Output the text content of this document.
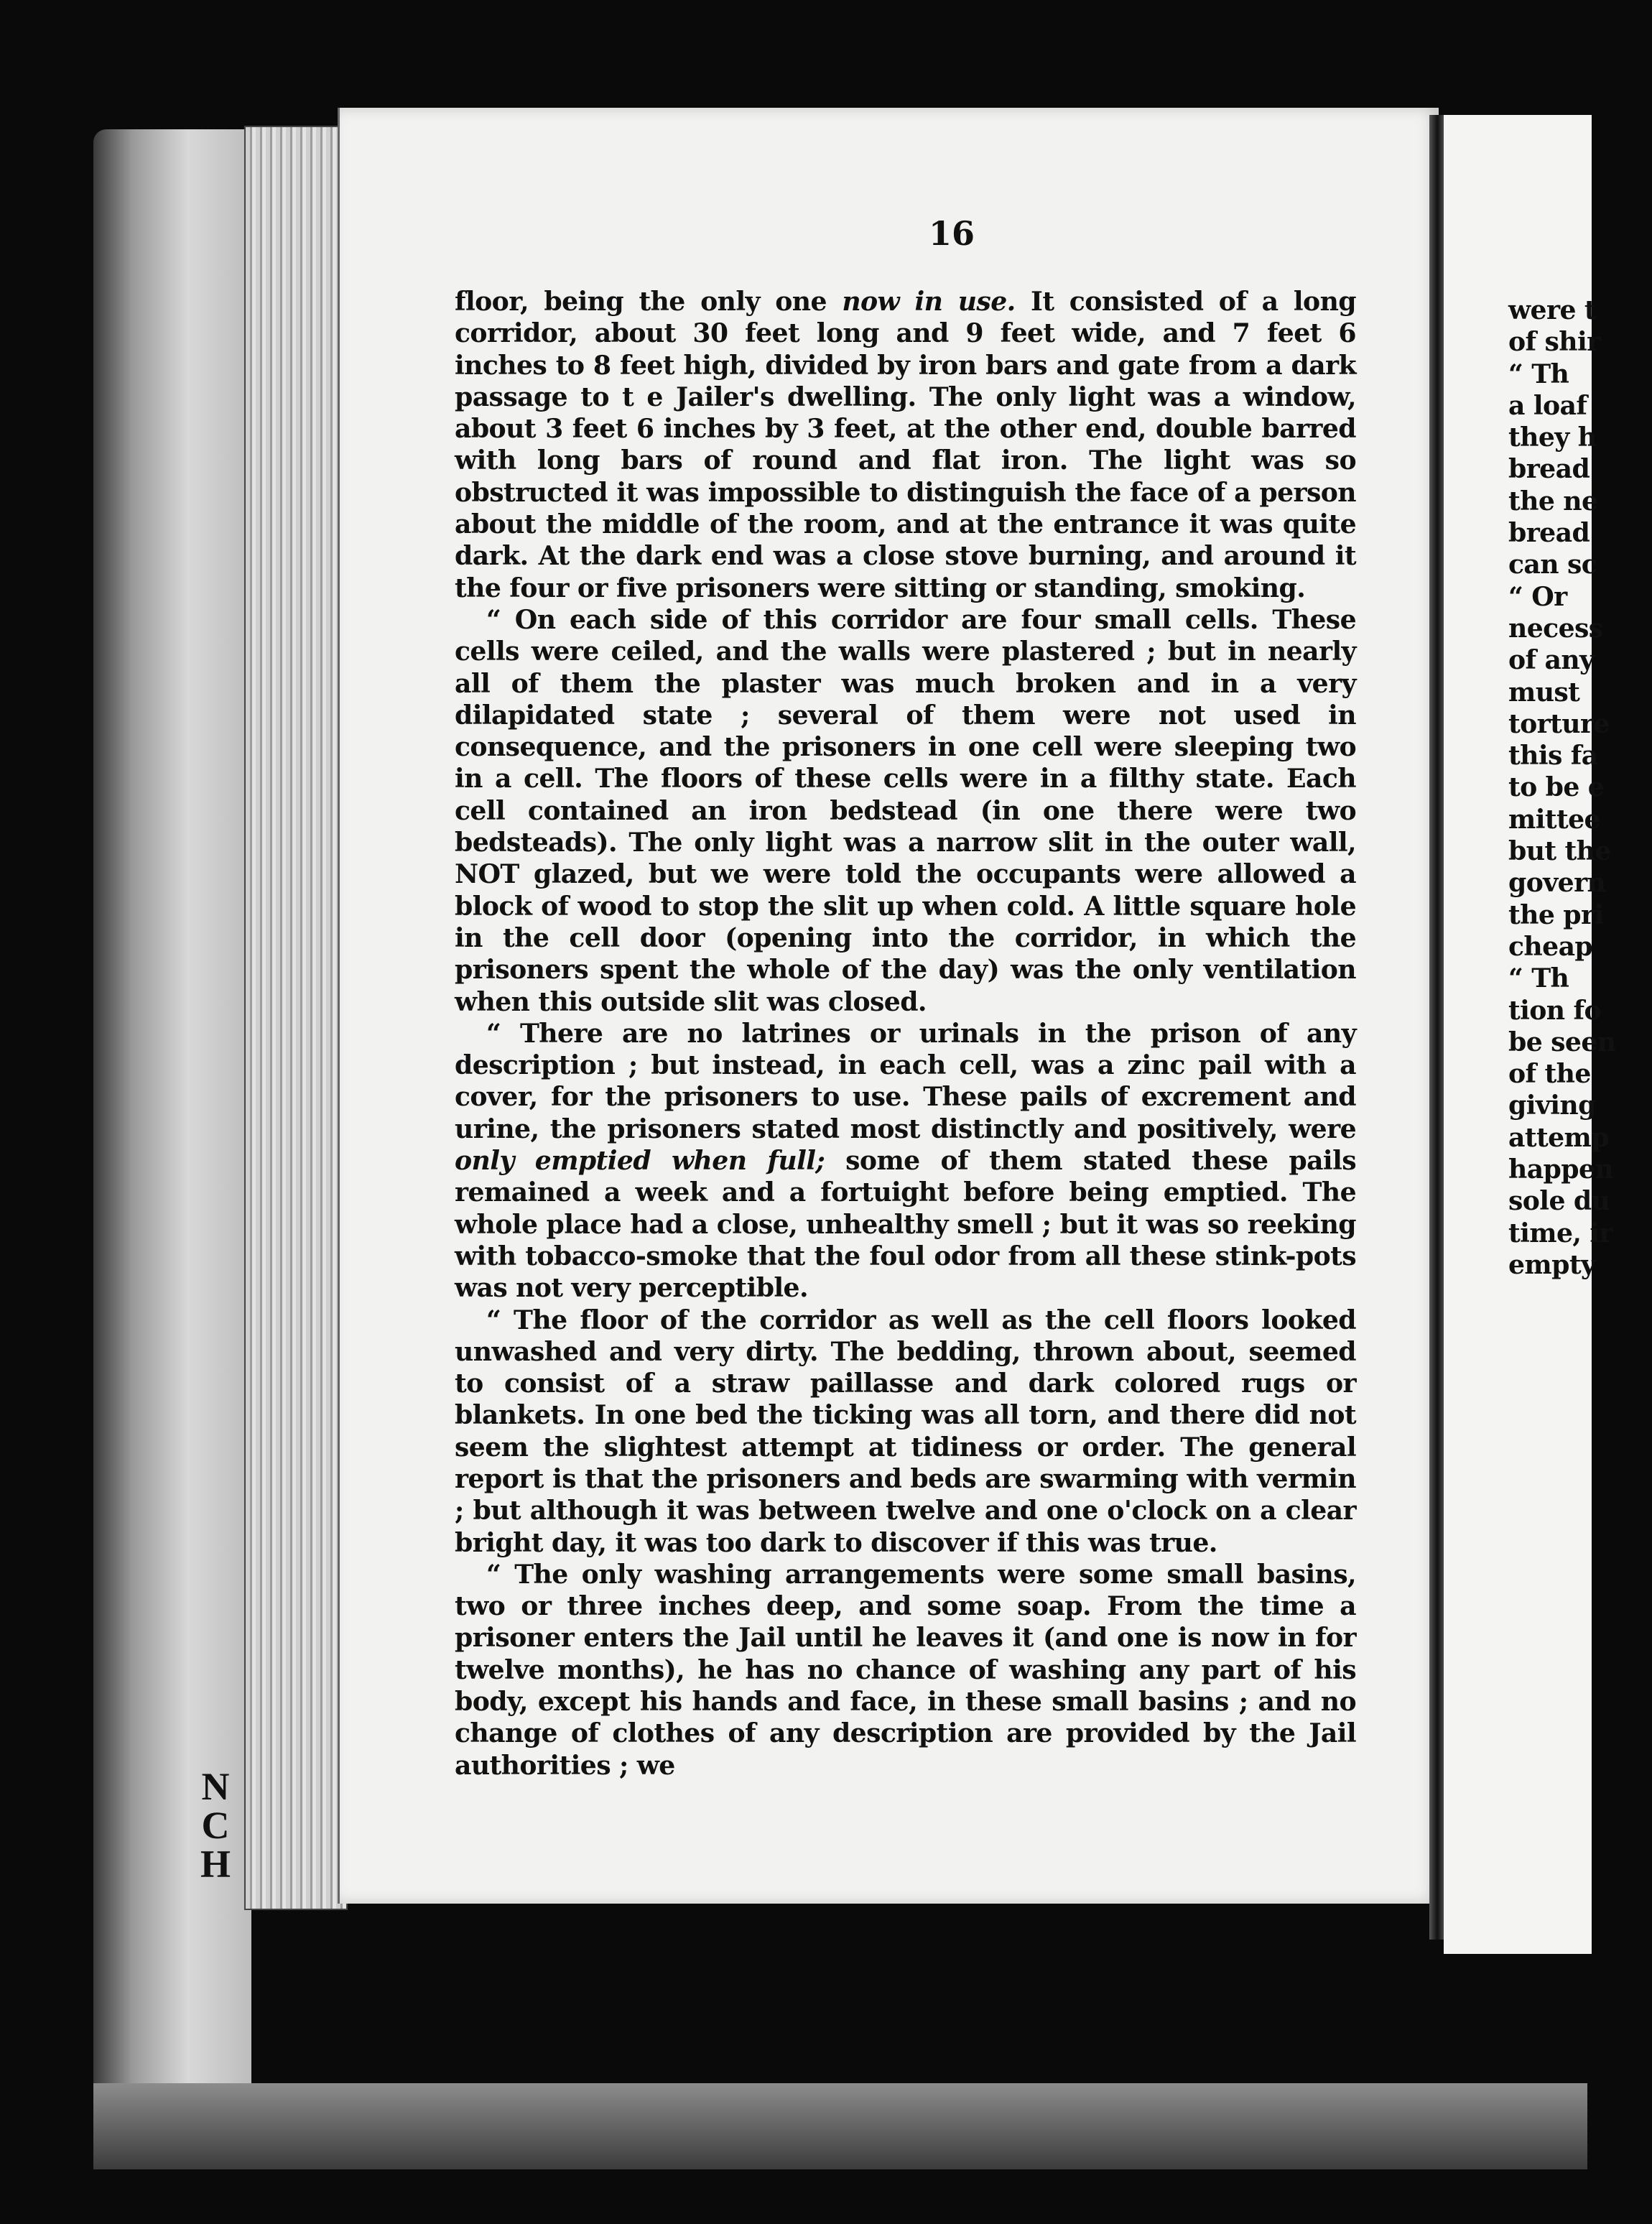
N
C
H
16

floor, being the only one now in use. It consisted of a long corridor, about 30 feet long and 9 feet wide, and 7 feet 6 inches to 8 feet high, divided by iron bars and gate from a dark passage to t e Jailer's dwelling. The only light was a window, about 3 feet 6 inches by 3 feet, at the other end, double barred with long bars of round and flat iron. The light was so obstructed it was impossible to distinguish the face of a person about the middle of the room, and at the entrance it was quite dark. At the dark end was a close stove burning, and around it the four or five prisoners were sitting or standing, smoking.

“ On each side of this corridor are four small cells. These cells were ceiled, and the walls were plastered ; but in nearly all of them the plaster was much broken and in a very dilapidated state ; several of them were not used in consequence, and the prisoners in one cell were sleeping two in a cell. The floors of these cells were in a filthy state. Each cell contained an iron bedstead (in one there were two bedsteads). The only light was a narrow slit in the outer wall, NOT glazed, but we were told the occupants were allowed a block of wood to stop the slit up when cold. A little square hole in the cell door (opening into the corridor, in which the prisoners spent the whole of the day) was the only ventilation when this outside slit was closed.

“ There are no latrines or urinals in the prison of any description ; but instead, in each cell, was a zinc pail with a cover, for the prisoners to use. These pails of excrement and urine, the prisoners stated most distinctly and positively, were only emptied when full; some of them stated these pails remained a week and a fortuight before being emptied. The whole place had a close, unhealthy smell ; but it was so reeking with tobacco-smoke that the foul odor from all these stink-pots was not very perceptible.

“ The floor of the corridor as well as the cell floors looked unwashed and very dirty. The bedding, thrown about, seemed to consist of a straw paillasse and dark colored rugs or blankets. In one bed the ticking was all torn, and there did not seem the slightest attempt at tidiness or order. The general report is that the prisoners and beds are swarming with vermin ; but although it was between twelve and one o'clock on a clear bright day, it was too dark to discover if this was true.

“ The only washing arrangements were some small basins, two or three inches deep, and some soap. From the time a prisoner enters the Jail until he leaves it (and one is now in for twelve months), he has no chance of washing any part of his body, except his hands and face, in these small basins ; and no change of clothes of any description are provided by the Jail authorities ; we

were t
of shir
“ Th
a loaf
they h
bread
the ne
bread
can sc
“ Or
necess
of any
must
torture
this fa
to be e
mittee
but the
govern
the pri
cheap
“ Th
tion fo
be seen
of the
giving
attemp
happen
sole du
time, ir
empty
